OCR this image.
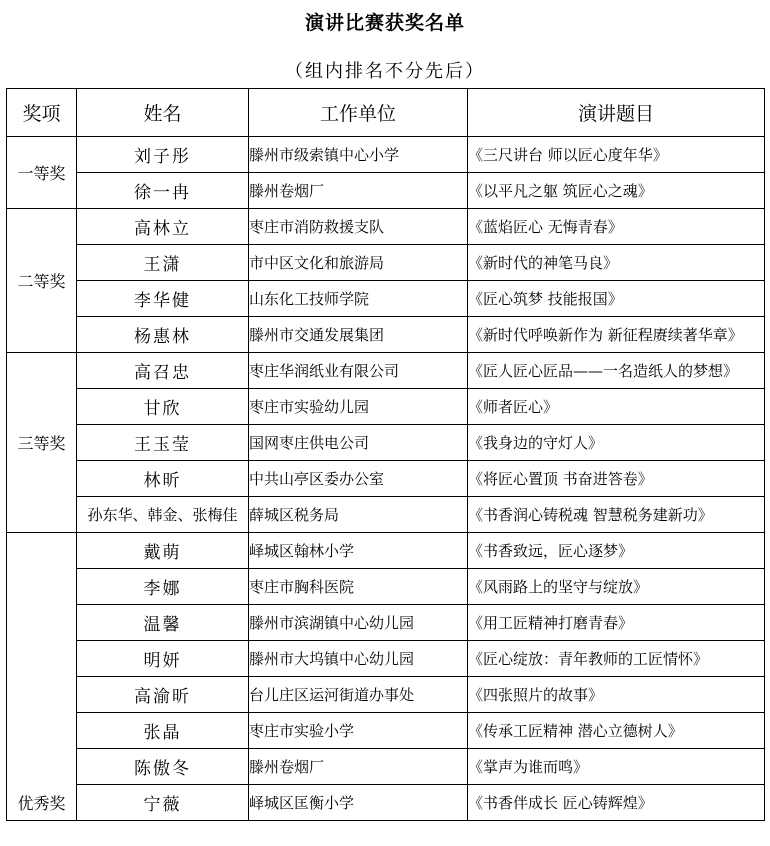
演讲比赛获奖名单
（组内排名不分先后）
奖项	姓名	工作单位	演讲题目
一等奖	刘子彤	滕州市级索镇中心小学	《三尺讲台 师以匠心度年华》
	徐一冉	滕州卷烟厂	《以平凡之躯 筑匠心之魂》
二等奖	高林立	枣庄市消防救援支队	《蓝焰匠心 无悔青春》
	王潇	市中区文化和旅游局	《新时代的神笔马良》
	李华健	山东化工技师学院	《匠心筑梦 技能报国》
	杨惠林	滕州市交通发展集团	《新时代呼唤新作为 新征程赓续著华章》
三等奖	高召忠	枣庄华润纸业有限公司	《匠人匠心匠品——一名造纸人的梦想》
	甘欣	枣庄市实验幼儿园	《师者匠心》
	王玉莹	国网枣庄供电公司	《我身边的守灯人》
	林昕	中共山亭区委办公室	《将匠心置顶 书奋进答卷》
	孙东华、韩金、张梅佳	薛城区税务局	《书香润心铸税魂 智慧税务建新功》
优秀奖	戴萌	峄城区翰林小学	《书香致远，匠心逐梦》
	李娜	枣庄市胸科医院	《风雨路上的坚守与绽放》
	温馨	滕州市滨湖镇中心幼儿园	《用工匠精神打磨青春》
	明妍	滕州市大坞镇中心幼儿园	《匠心绽放：青年教师的工匠情怀》
	高渝昕	台儿庄区运河街道办事处	《四张照片的故事》
	张晶	枣庄市实验小学	《传承工匠精神 潜心立德树人》
	陈傲冬	滕州卷烟厂	《掌声为谁而鸣》
	宁薇	峄城区匡衡小学	《书香伴成长 匠心铸辉煌》
